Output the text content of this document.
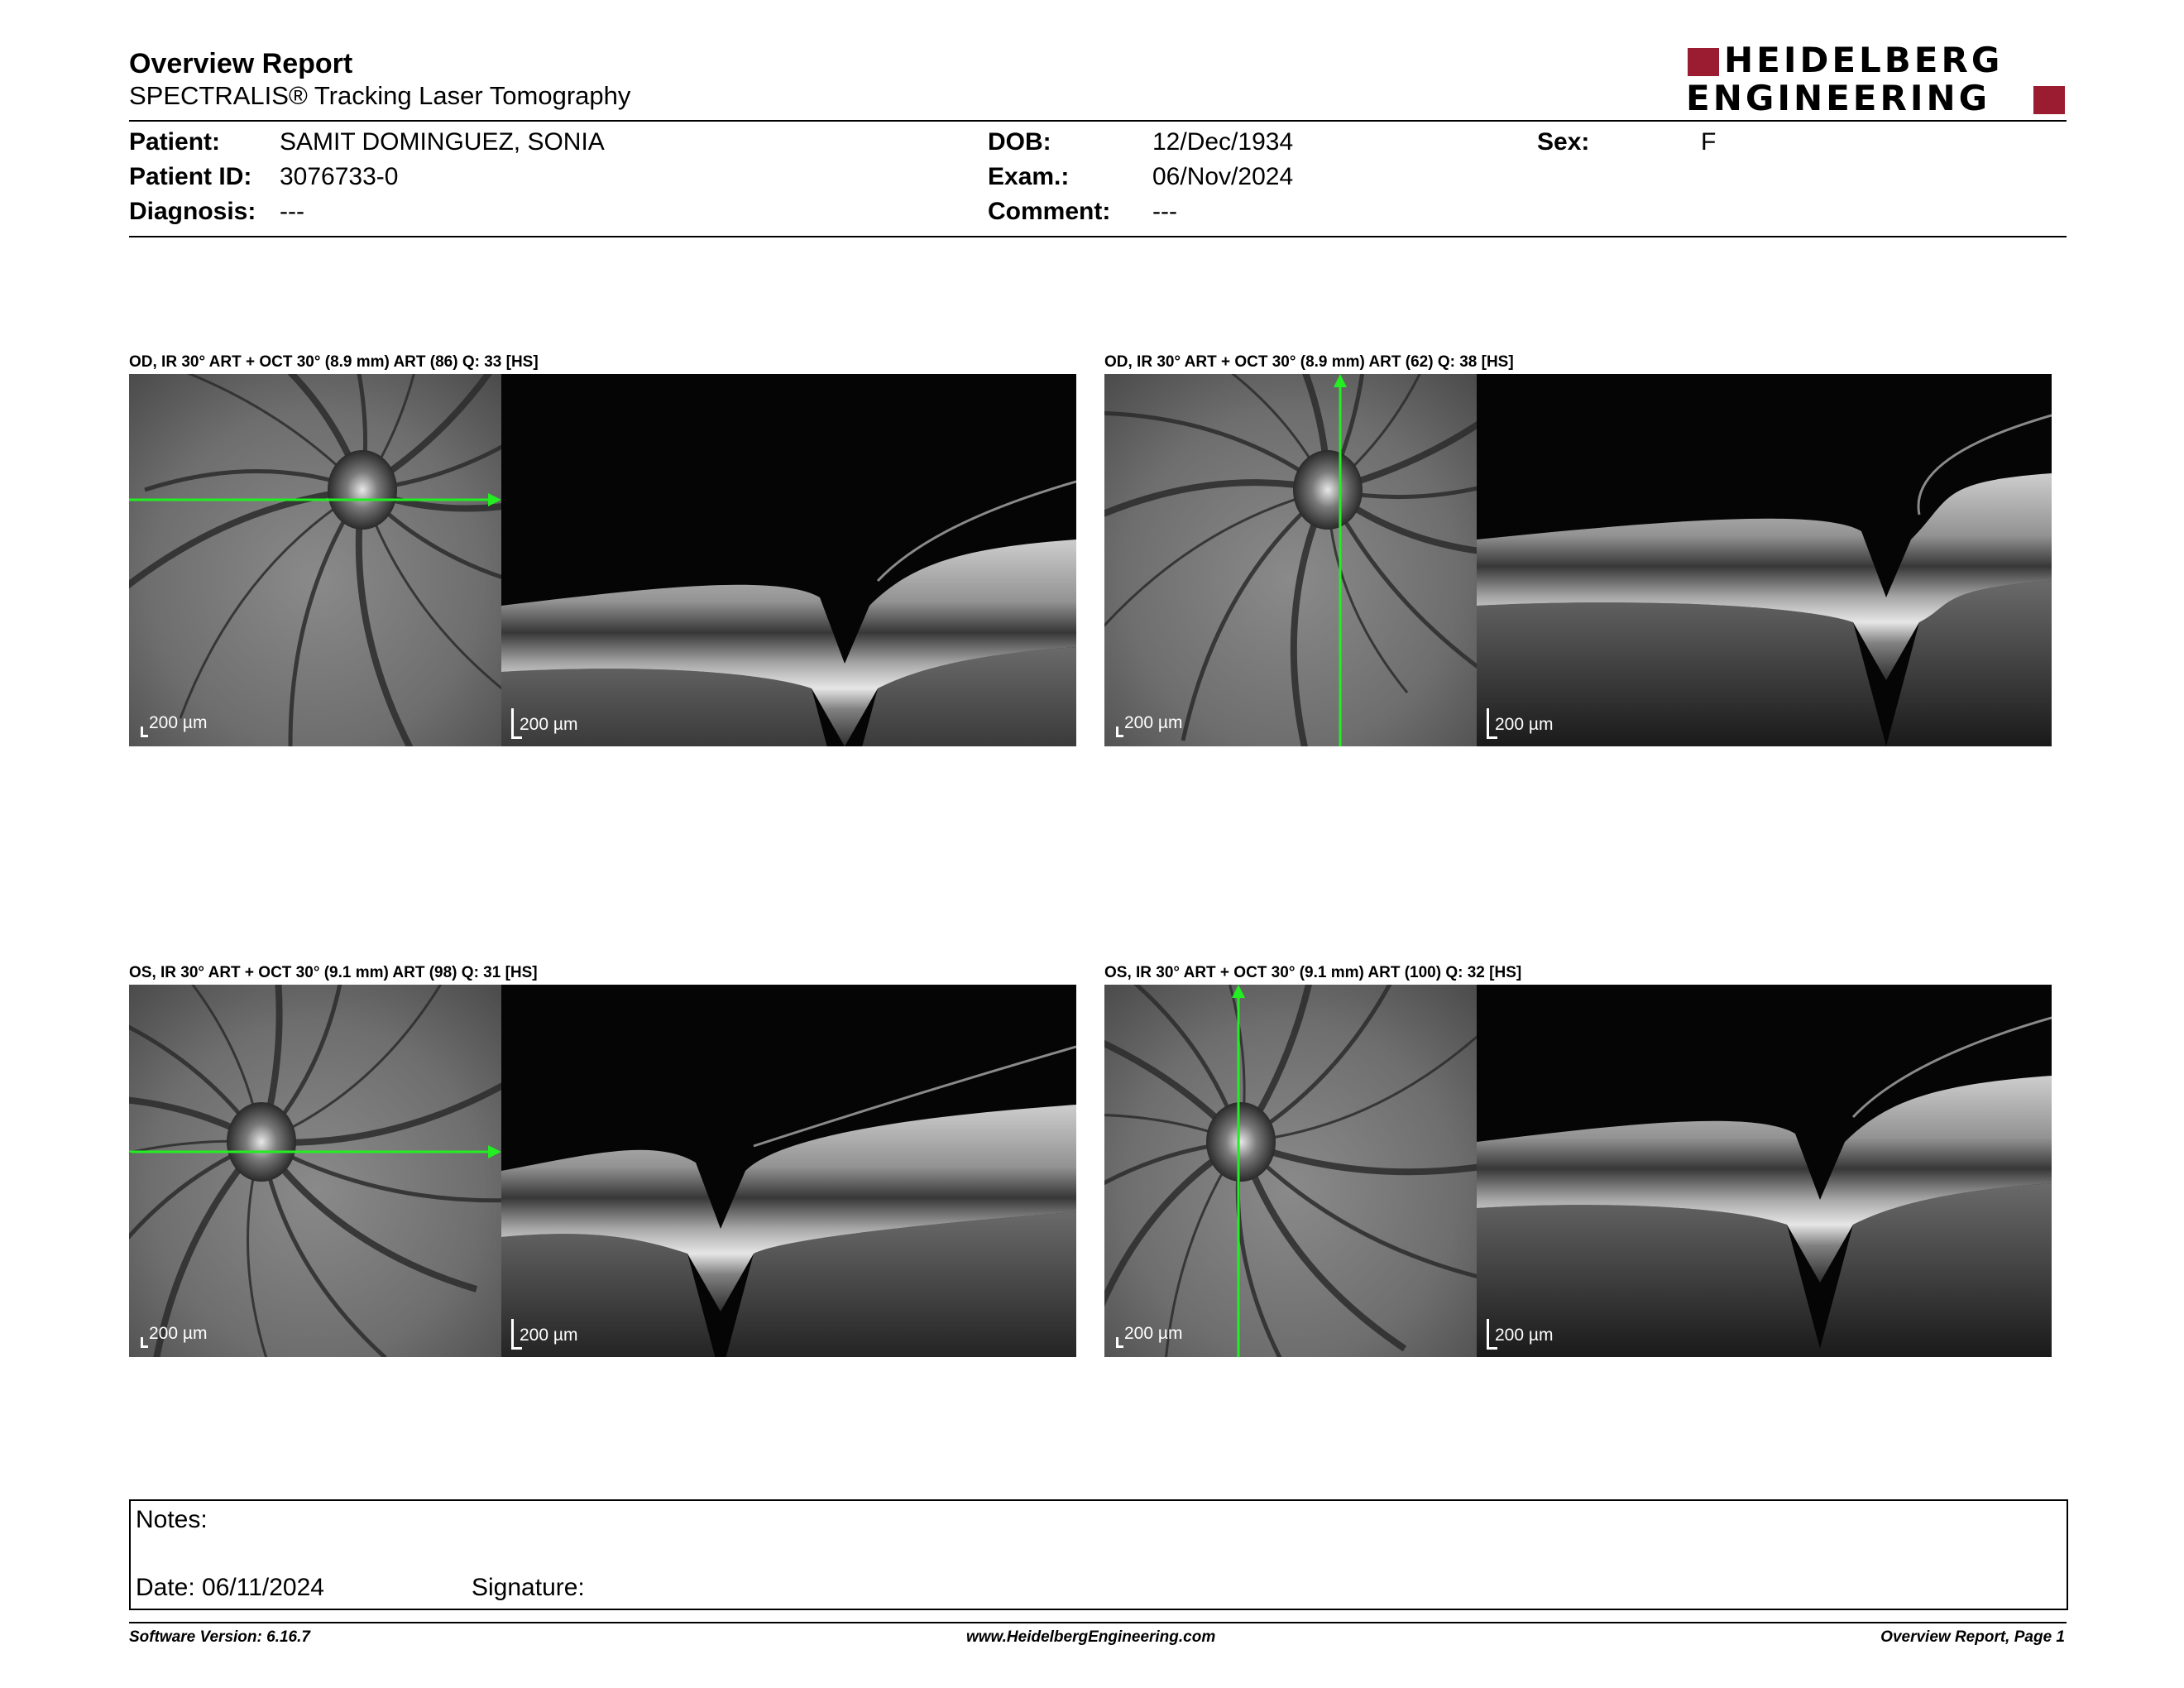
Overview Report
SPECTRALIS® Tracking Laser Tomography
HEIDELBERG
ENGINEERING
Patient: SAMIT DOMINGUEZ, SONIA
Patient ID: 3076733-0
Diagnosis: ---
DOB:	12/Dec/1934
Exam.:	06/Nov/2024
Comment: ---
Sex:	F
OD, IR 30° ART + OCT 30° (8.9 mm) ART (86) Q: 33 [HS]
200 µm	200 µm
OD, IR 30° ART + OCT 30° (8.9 mm) ART (62) Q: 38 [HS]
200 µm	200 µm
OS, IR 30° ART + OCT 30° (9.1 mm) ART (98) Q: 31 [HS]
200 µm	200 µm
OS, IR 30° ART + OCT 30° (9.1 mm) ART (100) Q: 32 [HS]
200 µm	200 µm
Notes:
Date: 06/11/2024	Signature:
Software Version: 6.16.7	www.HeidelbergEngineering.com	Overview Report, Page 1
